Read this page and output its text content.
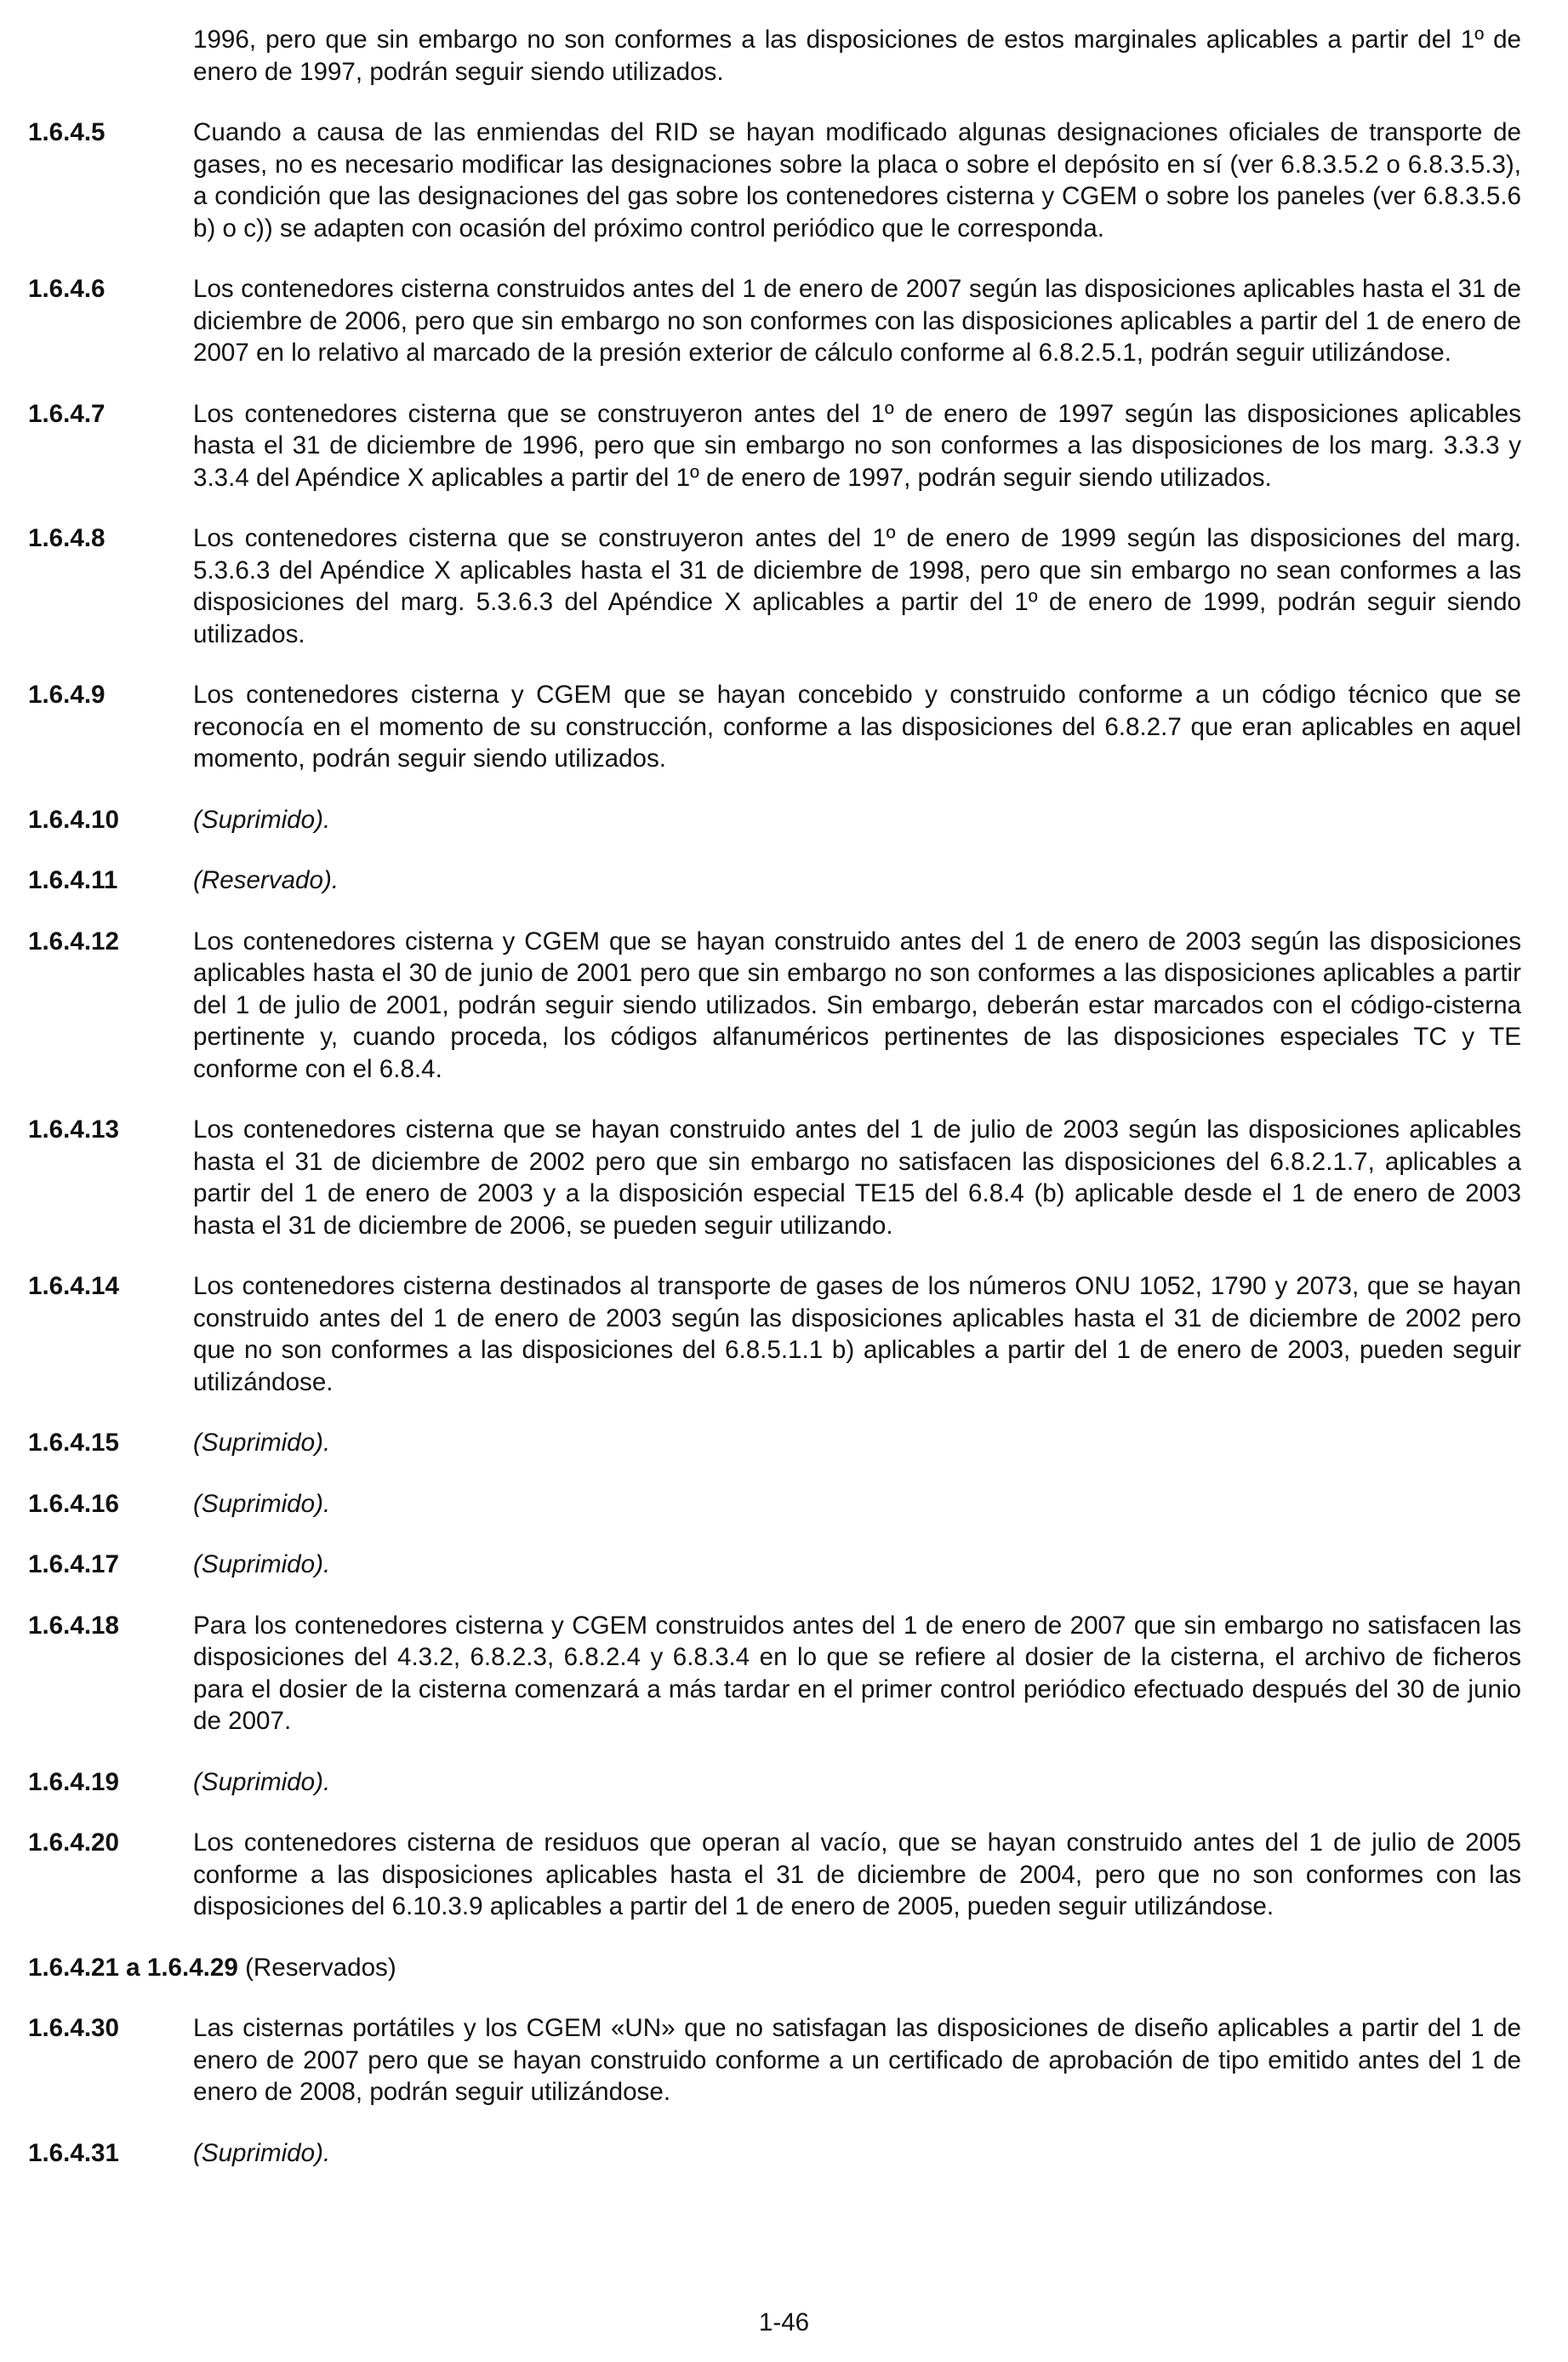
1996, pero que sin embargo no son conformes a las disposiciones de estos marginales aplicables a partir del 1º de enero de 1997, podrán seguir siendo utilizados.
1.6.4.5	Cuando a causa de las enmiendas del RID se hayan modificado algunas designaciones oficiales de transporte de gases, no es necesario modificar las designaciones sobre la placa o sobre el depósito en sí (ver 6.8.3.5.2 o 6.8.3.5.3), a condición que las designaciones del gas sobre los contenedores cisterna y CGEM o sobre los paneles (ver 6.8.3.5.6 b) o c)) se adapten con ocasión del próximo control periódico que le corresponda.
1.6.4.6	Los contenedores cisterna construidos antes del 1 de enero de 2007 según las disposiciones aplicables hasta el 31 de diciembre de 2006, pero que sin embargo no son conformes con las disposiciones aplicables a partir del 1 de enero de 2007 en lo relativo al marcado de la presión exterior de cálculo conforme al 6.8.2.5.1, podrán seguir utilizándose.
1.6.4.7	Los contenedores cisterna que se construyeron antes del 1º de enero de 1997 según las disposiciones aplicables hasta el 31 de diciembre de 1996, pero que sin embargo no son conformes a las disposiciones de los marg. 3.3.3 y 3.3.4 del Apéndice X aplicables a partir del 1º de enero de 1997, podrán seguir siendo utilizados.
1.6.4.8	Los contenedores cisterna que se construyeron antes del 1º de enero de 1999 según las disposiciones del marg. 5.3.6.3 del Apéndice X aplicables hasta el 31 de diciembre de 1998, pero que sin embargo no sean conformes a las disposiciones del marg. 5.3.6.3 del Apéndice X aplicables a partir del 1º de enero de 1999, podrán seguir siendo utilizados.
1.6.4.9	Los contenedores cisterna y CGEM que se hayan concebido y construido conforme a un código técnico que se reconocía en el momento de su construcción, conforme a las disposiciones del 6.8.2.7 que eran aplicables en aquel momento, podrán seguir siendo utilizados.
1.6.4.10	(Suprimido).
1.6.4.11	(Reservado).
1.6.4.12	Los contenedores cisterna y CGEM que se hayan construido antes del 1 de enero de 2003 según las disposiciones aplicables hasta el 30 de junio de 2001 pero que sin embargo no son conformes a las disposiciones aplicables a partir del 1 de julio de 2001, podrán seguir siendo utilizados. Sin embargo, deberán estar marcados con el código-cisterna pertinente y, cuando proceda, los códigos alfanuméricos pertinentes de las disposiciones especiales TC y TE conforme con el 6.8.4.
1.6.4.13	Los contenedores cisterna que se hayan construido antes del 1 de julio de 2003 según las disposiciones aplicables hasta el 31 de diciembre de 2002 pero que sin embargo no satisfacen las disposiciones del 6.8.2.1.7, aplicables a partir del 1 de enero de 2003 y a la disposición especial TE15 del 6.8.4 (b) aplicable desde el 1 de enero de 2003 hasta el 31 de diciembre de 2006, se pueden seguir utilizando.
1.6.4.14	Los contenedores cisterna destinados al transporte de gases de los números ONU 1052, 1790 y 2073, que se hayan construido antes del 1 de enero de 2003 según las disposiciones aplicables hasta el 31 de diciembre de 2002 pero que no son conformes a las disposiciones del 6.8.5.1.1 b) aplicables a partir del 1 de enero de 2003, pueden seguir utilizándose.
1.6.4.15	(Suprimido).
1.6.4.16	(Suprimido).
1.6.4.17	(Suprimido).
1.6.4.18	Para los contenedores cisterna y CGEM construidos antes del 1 de enero de 2007 que sin embargo no satisfacen las disposiciones del 4.3.2, 6.8.2.3, 6.8.2.4 y 6.8.3.4 en lo que se refiere al dosier de la cisterna, el archivo de ficheros para el dosier de la cisterna comenzará a más tardar en el primer control periódico efectuado después del 30 de junio de 2007.
1.6.4.19	(Suprimido).
1.6.4.20	Los contenedores cisterna de residuos que operan al vacío, que se hayan construido antes del 1 de julio de 2005 conforme a las disposiciones aplicables hasta el 31 de diciembre de 2004, pero que no son conformes con las disposiciones del 6.10.3.9 aplicables a partir del 1 de enero de 2005, pueden seguir utilizándose.
1.6.4.21 a 1.6.4.29 (Reservados)
1.6.4.30	Las cisternas portátiles y los CGEM «UN» que no satisfagan las disposiciones de diseño aplicables a partir del 1 de enero de 2007 pero que se hayan construido conforme a un certificado de aprobación de tipo emitido antes del 1 de enero de 2008, podrán seguir utilizándose.
1.6.4.31	(Suprimido).
1-46
